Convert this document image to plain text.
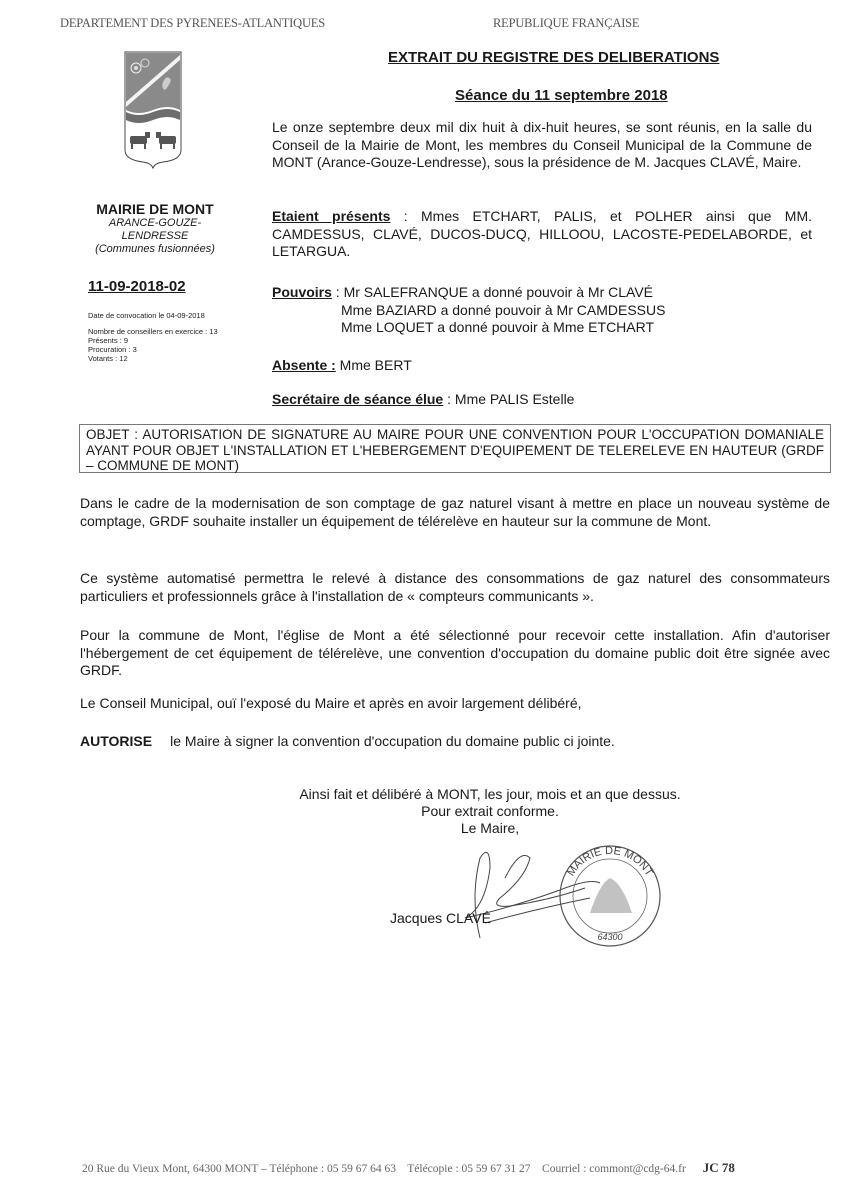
DEPARTEMENT DES PYRENEES-ATLANTIQUES	REPUBLIQUE FRANÇAISE
EXTRAIT DU REGISTRE DES DELIBERATIONS
Séance du 11 septembre 2018
MAIRIE DE MONT
ARANCE-GOUZE-
LENDRESSE
(Communes fusionnées)
11-09-2018-02
Date de convocation le 04-09-2018
Nombre de conseillers en exercice : 13
Présents : 9
Procuration : 3
Votants : 12
Le onze septembre deux mil dix huit à dix-huit heures, se sont réunis, en la salle du Conseil de la Mairie de Mont, les membres du Conseil Municipal de la Commune de MONT (Arance-Gouze-Lendresse), sous la présidence de M. Jacques CLAVÉ, Maire.
Etaient présents : Mmes ETCHART, PALIS, et POLHER ainsi que MM. CAMDESSUS, CLAVÉ, DUCOS-DUCQ, HILLOOU, LACOSTE-PEDELABORDE, et LETARGUA.
Pouvoirs : Mr SALEFRANQUE a donné pouvoir à Mr CLAVÉ
Mme BAZIARD a donné pouvoir à Mr CAMDESSUS
Mme LOQUET a donné pouvoir à Mme ETCHART
Absente : Mme BERT
Secrétaire de séance élue : Mme PALIS Estelle
OBJET : AUTORISATION DE SIGNATURE AU MAIRE POUR UNE CONVENTION POUR L'OCCUPATION DOMANIALE AYANT POUR OBJET L'INSTALLATION ET L'HEBERGEMENT D'EQUIPEMENT DE TELERELEVE EN HAUTEUR (GRDF – COMMUNE DE MONT)
Dans le cadre de la modernisation de son comptage de gaz naturel visant à mettre en place un nouveau système de comptage, GRDF souhaite installer un équipement de télérelève en hauteur sur la commune de Mont.
Ce système automatisé permettra le relevé à distance des consommations de gaz naturel des consommateurs particuliers et professionnels grâce à l'installation de « compteurs communicants ».
Pour la commune de Mont, l'église de Mont a été sélectionné pour recevoir cette installation. Afin d'autoriser l'hébergement de cet équipement de télérelève, une convention d'occupation du domaine public doit être signée avec GRDF.
Le Conseil Municipal, ouï l'exposé du Maire et après en avoir largement délibéré,
AUTORISE le Maire à signer la convention d'occupation du domaine public ci jointe.
Ainsi fait et délibéré à MONT, les jour, mois et an que dessus.
Pour extrait conforme.
Le Maire,
MAIRIE DE MONT
64300
Jacques CLAVÉ
20 Rue du Vieux Mont, 64300 MONT – Téléphone : 05 59 67 64 63 Télécopie : 05 59 67 31 27 Courriel : commont@cdg-64.fr JC 78
